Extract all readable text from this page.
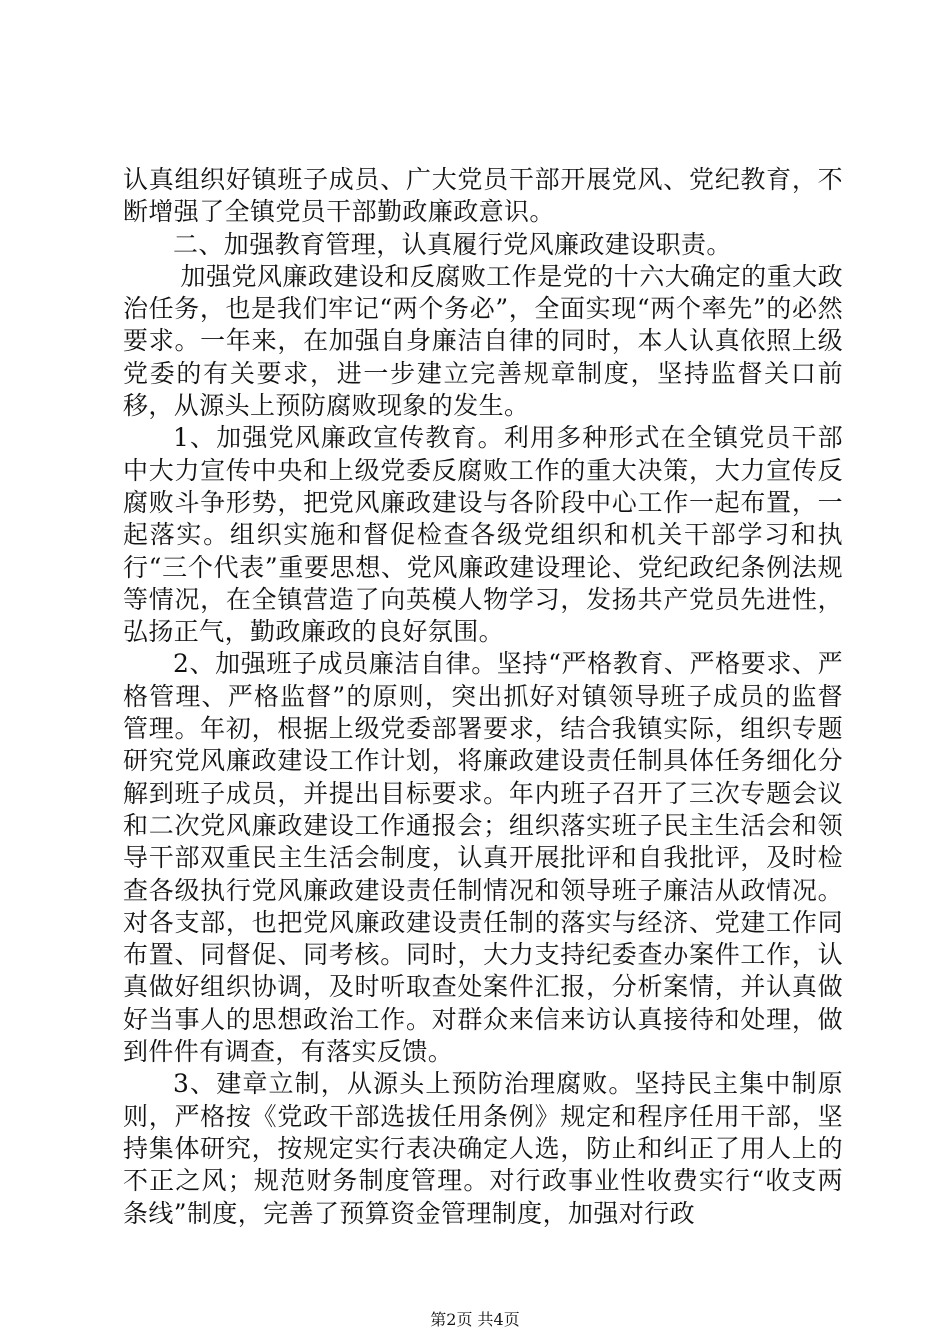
认真组织好镇班子成员、广大党员干部开展党风、党纪教育，不断增强了全镇党员干部勤政廉政意识。

二、加强教育管理，认真履行党风廉政建设职责。

加强党风廉政建设和反腐败工作是党的十六大确定的重大政治任务，也是我们牢记“两个务必”，全面实现“两个率先”的必然要求。一年来，在加强自身廉洁自律的同时，本人认真依照上级党委的有关要求，进一步建立完善规章制度，坚持监督关口前移，从源头上预防腐败现象的发生。

1、加强党风廉政宣传教育。利用多种形式在全镇党员干部中大力宣传中央和上级党委反腐败工作的重大决策，大力宣传反腐败斗争形势，把党风廉政建设与各阶段中心工作一起布置，一起落实。组织实施和督促检查各级党组织和机关干部学习和执行“三个代表”重要思想、党风廉政建设理论、党纪政纪条例法规等情况，在全镇营造了向英模人物学习，发扬共产党员先进性，弘扬正气，勤政廉政的良好氛围。

2、加强班子成员廉洁自律。坚持“严格教育、严格要求、严格管理、严格监督”的原则，突出抓好对镇领导班子成员的监督管理。年初，根据上级党委部署要求，结合我镇实际，组织专题研究党风廉政建设工作计划，将廉政建设责任制具体任务细化分解到班子成员，并提出目标要求。年内班子召开了三次专题会议和二次党风廉政建设工作通报会；组织落实班子民主生活会和领导干部双重民主生活会制度，认真开展批评和自我批评，及时检查各级执行党风廉政建设责任制情况和领导班子廉洁从政情况。对各支部，也把党风廉政建设责任制的落实与经济、党建工作同布置、同督促、同考核。同时，大力支持纪委查办案件工作，认真做好组织协调，及时听取查处案件汇报，分析案情，并认真做好当事人的思想政治工作。对群众来信来访认真接待和处理，做到件件有调查，有落实反馈。

3、建章立制，从源头上预防治理腐败。坚持民主集中制原则，严格按《党政干部选拔任用条例》规定和程序任用干部，坚持集体研究，按规定实行表决确定人选，防止和纠正了用人上的不正之风；规范财务制度管理。对行政事业性收费实行“收支两条线”制度，完善了预算资金管理制度，加强对行政

第2页 共4页
